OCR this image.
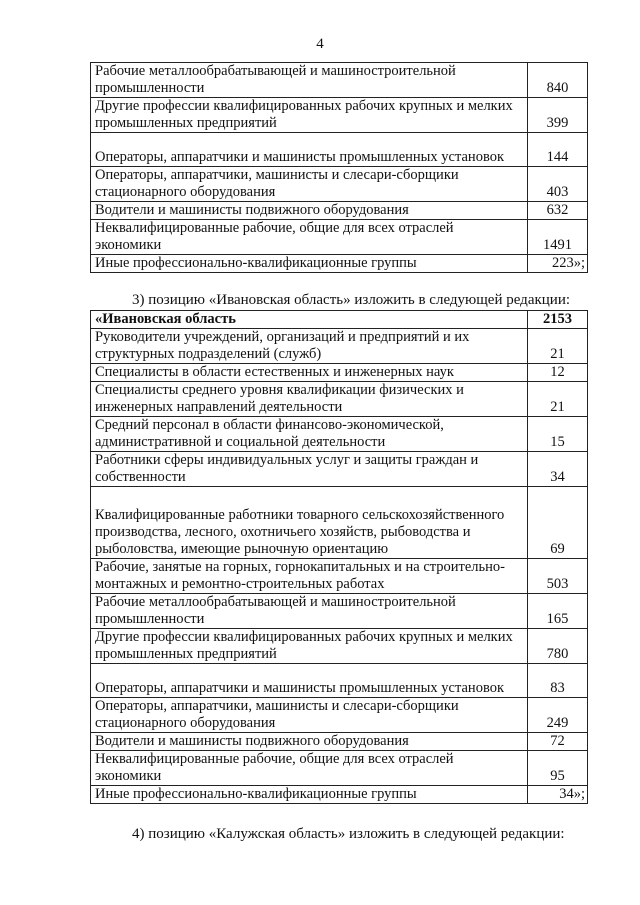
4
Рабочие металлообрабатывающей и машиностроительной промышленности	840
Другие профессии квалифицированных рабочих крупных и мелких промышленных предприятий	399
Операторы, аппаратчики и машинисты промышленных установок	144
Операторы, аппаратчики, машинисты и слесари-сборщики стационарного оборудования	403
Водители и машинисты подвижного оборудования	632
Неквалифицированные рабочие, общие для всех отраслей экономики	1491
Иные профессионально-квалификационные группы	223»;
3) позицию «Ивановская область» изложить в следующей редакции:
«Ивановская область	2153
Руководители учреждений, организаций и предприятий и их структурных подразделений (служб)	21
Специалисты в области естественных и инженерных наук	12
Специалисты среднего уровня квалификации физических и инженерных направлений деятельности	21
Средний персонал в области финансово-экономической, административной и социальной деятельности	15
Работники сферы индивидуальных услуг и защиты граждан и собственности	34
Квалифицированные работники товарного сельскохозяйственного производства, лесного, охотничьего хозяйств, рыбоводства и рыболовства, имеющие рыночную ориентацию	69
Рабочие, занятые на горных, горнокапитальных и на строительно-монтажных и ремонтно-строительных работах	503
Рабочие металлообрабатывающей и машиностроительной промышленности	165
Другие профессии квалифицированных рабочих крупных и мелких промышленных предприятий	780
Операторы, аппаратчики и машинисты промышленных установок	83
Операторы, аппаратчики, машинисты и слесари-сборщики стационарного оборудования	249
Водители и машинисты подвижного оборудования	72
Неквалифицированные рабочие, общие для всех отраслей экономики	95
Иные профессионально-квалификационные группы	34»;
4) позицию «Калужская область» изложить в следующей редакции:
